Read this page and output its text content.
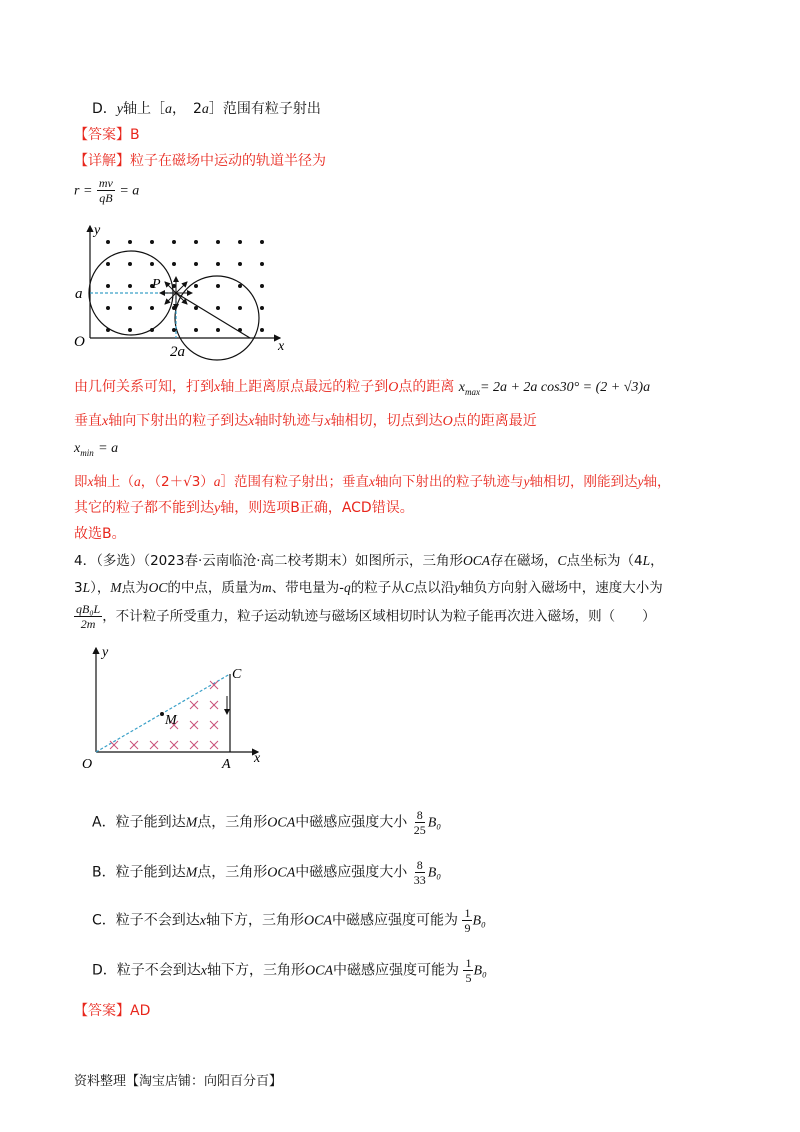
D．y轴上［a，　2a］范围有粒子射出
【答案】B
【详解】粒子在磁场中运动的轨道半径为
$r = \frac{mv}{qB} = a$
y
x
a
O
P
2a
由几何关系可知，打到x轴上距离原点最远的粒子到O点的距离 $x_{max}= 2a + 2a$ cos30° = (2 + √3)a
垂直x轴向下射出的粒子到达x轴时轨迹与x轴相切，切点到达O点的距离最近
$x_{min} = a$
即x轴上（a，（2＋√3）a］范围有粒子射出；垂直x轴向下射出的粒子轨迹与y轴相切，刚能到达y轴，
其它的粒子都不能到达y轴，则选项B正确，ACD错误。
故选B。
4．（多选）（2023春·云南临沧·高二校考期末）如图所示，三角形OCA存在磁场，C点坐标为（4L，
3L），M点为OC的中点，质量为m、带电量为-q的粒子从C点以沿y轴负方向射入磁场中，速度大小为
$\frac{\text{qB₀L}}{2m}$ ，不计粒子所受重力，粒子运动轨迹与磁场区域相切时认为粒子能再次进入磁场，则（　　）
y
x
O	A
C
M
A．粒子能到达M点，三角形OCA中磁感应强度大小 $\frac{8}{25} B_0$
B．粒子能到达M点，三角形OCA中磁感应强度大小 $\frac{8}{33} B_0$
C．粒子不会到达x轴下方，三角形OCA中磁感应强度可能为 $\frac{1}{9} B_0$
D．粒子不会到达x轴下方，三角形OCA中磁感应强度可能为 $\frac{1}{5} B_0$
【答案】AD
资料整理【淘宝店铺：向阳百分百】
